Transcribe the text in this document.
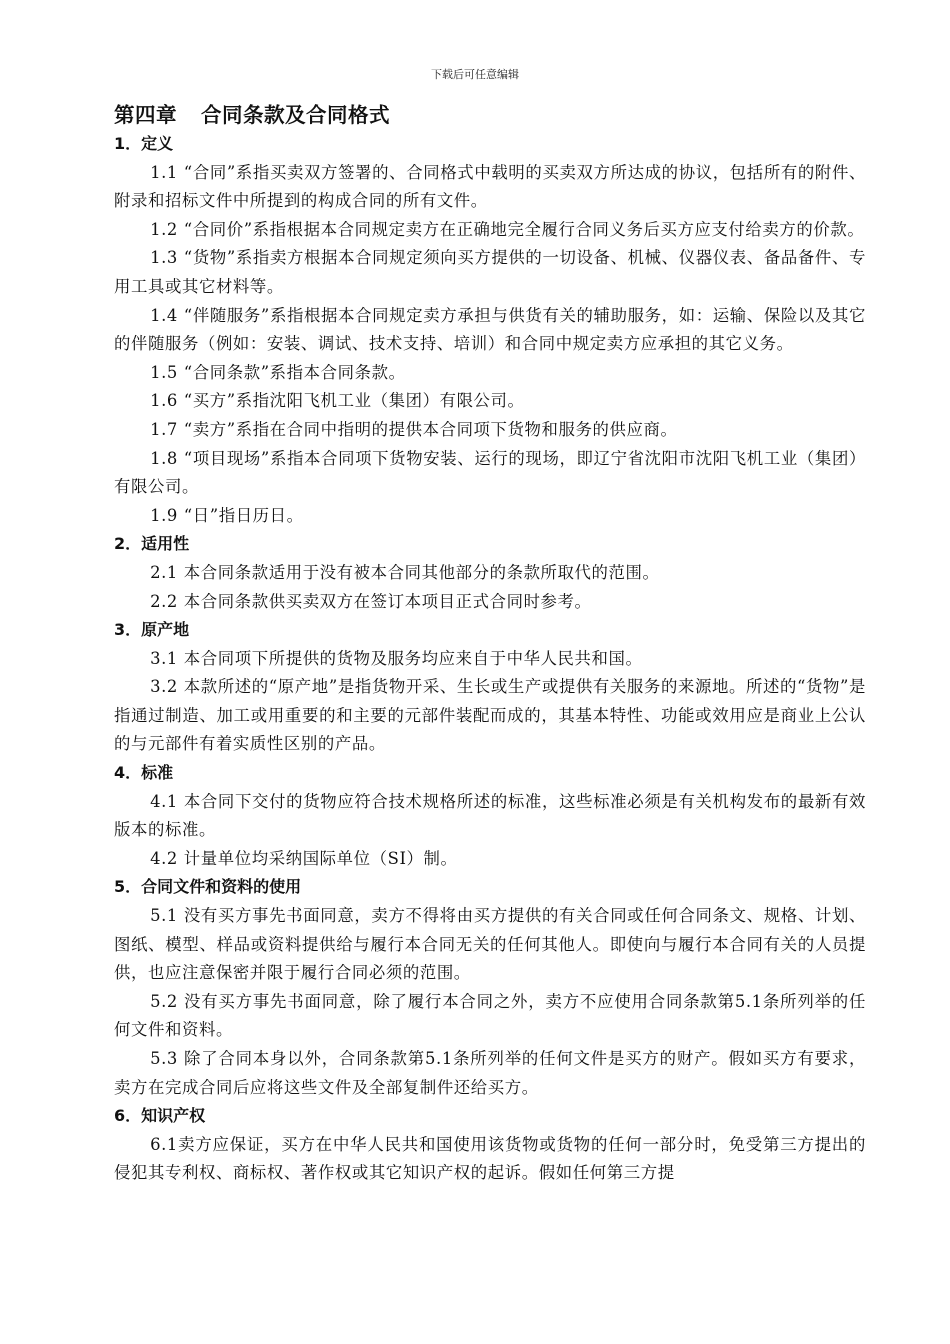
下载后可任意编辑
第四章 合同条款及合同格式
1．定义

1.1 “合同”系指买卖双方签署的、合同格式中载明的买卖双方所达成的协议，包括所有的附件、附录和招标文件中所提到的构成合同的所有文件。

1.2 “合同价”系指根据本合同规定卖方在正确地完全履行合同义务后买方应支付给卖方的价款。

1.3 “货物”系指卖方根据本合同规定须向买方提供的一切设备、机械、仪器仪表、备品备件、专用工具或其它材料等。

1.4 “伴随服务”系指根据本合同规定卖方承担与供货有关的辅助服务，如：运输、保险以及其它的伴随服务（例如：安装、调试、技术支持、培训）和合同中规定卖方应承担的其它义务。

1.5 “合同条款”系指本合同条款。

1.6 “买方”系指沈阳飞机工业（集团）有限公司。

1.7 “卖方”系指在合同中指明的提供本合同项下货物和服务的供应商。

1.8 “项目现场”系指本合同项下货物安装、运行的现场，即辽宁省沈阳市沈阳飞机工业（集团）有限公司。

1.9 “日”指日历日。

2．适用性

2.1 本合同条款适用于没有被本合同其他部分的条款所取代的范围。

2.2 本合同条款供买卖双方在签订本项目正式合同时参考。

3．原产地

3.1 本合同项下所提供的货物及服务均应来自于中华人民共和国。

3.2 本款所述的“原产地”是指货物开采、生长或生产或提供有关服务的来源地。所述的“货物”是指通过制造、加工或用重要的和主要的元部件装配而成的，其基本特性、功能或效用应是商业上公认的与元部件有着实质性区别的产品。

4．标准

4.1 本合同下交付的货物应符合技术规格所述的标准，这些标准必须是有关机构发布的最新有效版本的标准。

4.2 计量单位均采纳国际单位（SI）制。

5．合同文件和资料的使用

5.1 没有买方事先书面同意，卖方不得将由买方提供的有关合同或任何合同条文、规格、计划、图纸、模型、样品或资料提供给与履行本合同无关的任何其他人。即使向与履行本合同有关的人员提供，也应注意保密并限于履行合同必须的范围。

5.2 没有买方事先书面同意，除了履行本合同之外，卖方不应使用合同条款第5.1条所列举的任何文件和资料。

5.3 除了合同本身以外，合同条款第5.1条所列举的任何文件是买方的财产。假如买方有要求，卖方在完成合同后应将这些文件及全部复制件还给买方。

6．知识产权

6.1卖方应保证，买方在中华人民共和国使用该货物或货物的任何一部分时，免受第三方提出的侵犯其专利权、商标权、著作权或其它知识产权的起诉。假如任何第三方提
